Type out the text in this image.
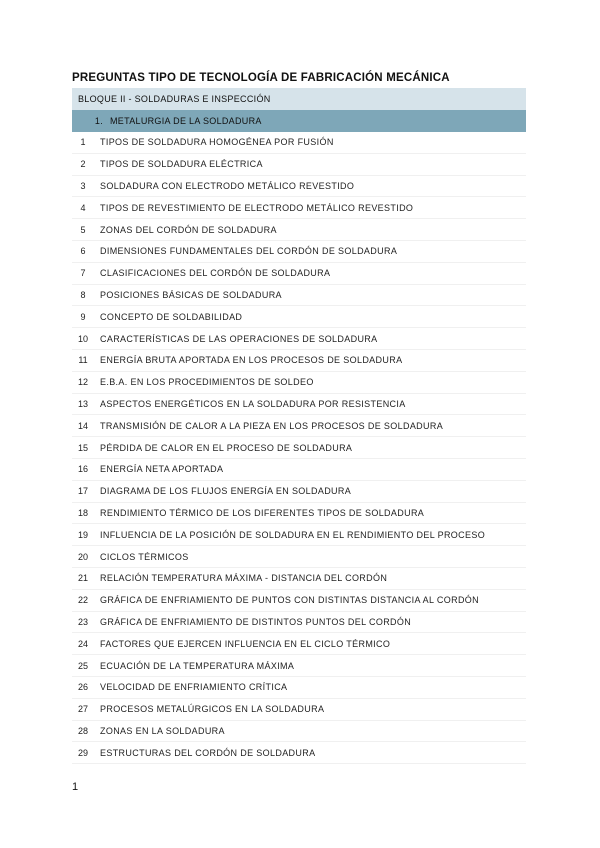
PREGUNTAS TIPO DE TECNOLOGÍA DE FABRICACIÓN MECÁNICA
BLOQUE II - SOLDADURAS E INSPECCIÓN
1. METALURGIA DE LA SOLDADURA
1	TIPOS DE SOLDADURA HOMOGÉNEA POR FUSIÓN
2	TIPOS DE SOLDADURA ELÉCTRICA
3	SOLDADURA CON ELECTRODO METÁLICO REVESTIDO
4	TIPOS DE REVESTIMIENTO DE ELECTRODO METÁLICO REVESTIDO
5	ZONAS DEL CORDÓN DE SOLDADURA
6	DIMENSIONES FUNDAMENTALES DEL CORDÓN DE SOLDADURA
7	CLASIFICACIONES DEL CORDÓN DE SOLDADURA
8	POSICIONES BÁSICAS DE SOLDADURA
9	CONCEPTO DE SOLDABILIDAD
10	CARACTERÍSTICAS DE LAS OPERACIONES DE SOLDADURA
11	ENERGÍA BRUTA APORTADA EN LOS PROCESOS DE SOLDADURA
12	E.B.A. EN LOS PROCEDIMIENTOS DE SOLDEO
13	ASPECTOS ENERGÉTICOS EN LA SOLDADURA POR RESISTENCIA
14	TRANSMISIÓN DE CALOR A LA PIEZA EN LOS PROCESOS DE SOLDADURA
15	PÉRDIDA DE CALOR EN EL PROCESO DE SOLDADURA
16	ENERGÍA NETA APORTADA
17	DIAGRAMA DE LOS FLUJOS ENERGÍA EN SOLDADURA
18	RENDIMIENTO TÉRMICO DE LOS DIFERENTES TIPOS DE SOLDADURA
19	INFLUENCIA DE LA POSICIÓN DE SOLDADURA EN EL RENDIMIENTO DEL PROCESO
20	CICLOS TÉRMICOS
21	RELACIÓN TEMPERATURA MÁXIMA - DISTANCIA DEL CORDÓN
22	GRÁFICA DE ENFRIAMIENTO DE PUNTOS CON DISTINTAS DISTANCIA AL CORDÓN
23	GRÁFICA DE ENFRIAMIENTO DE DISTINTOS PUNTOS DEL CORDÓN
24	FACTORES QUE EJERCEN INFLUENCIA EN EL CICLO TÉRMICO
25	ECUACIÓN DE LA TEMPERATURA MÁXIMA
26	VELOCIDAD DE ENFRIAMIENTO CRÍTICA
27	PROCESOS METALÚRGICOS EN LA SOLDADURA
28	ZONAS EN LA SOLDADURA
29	ESTRUCTURAS DEL CORDÓN DE SOLDADURA
1
